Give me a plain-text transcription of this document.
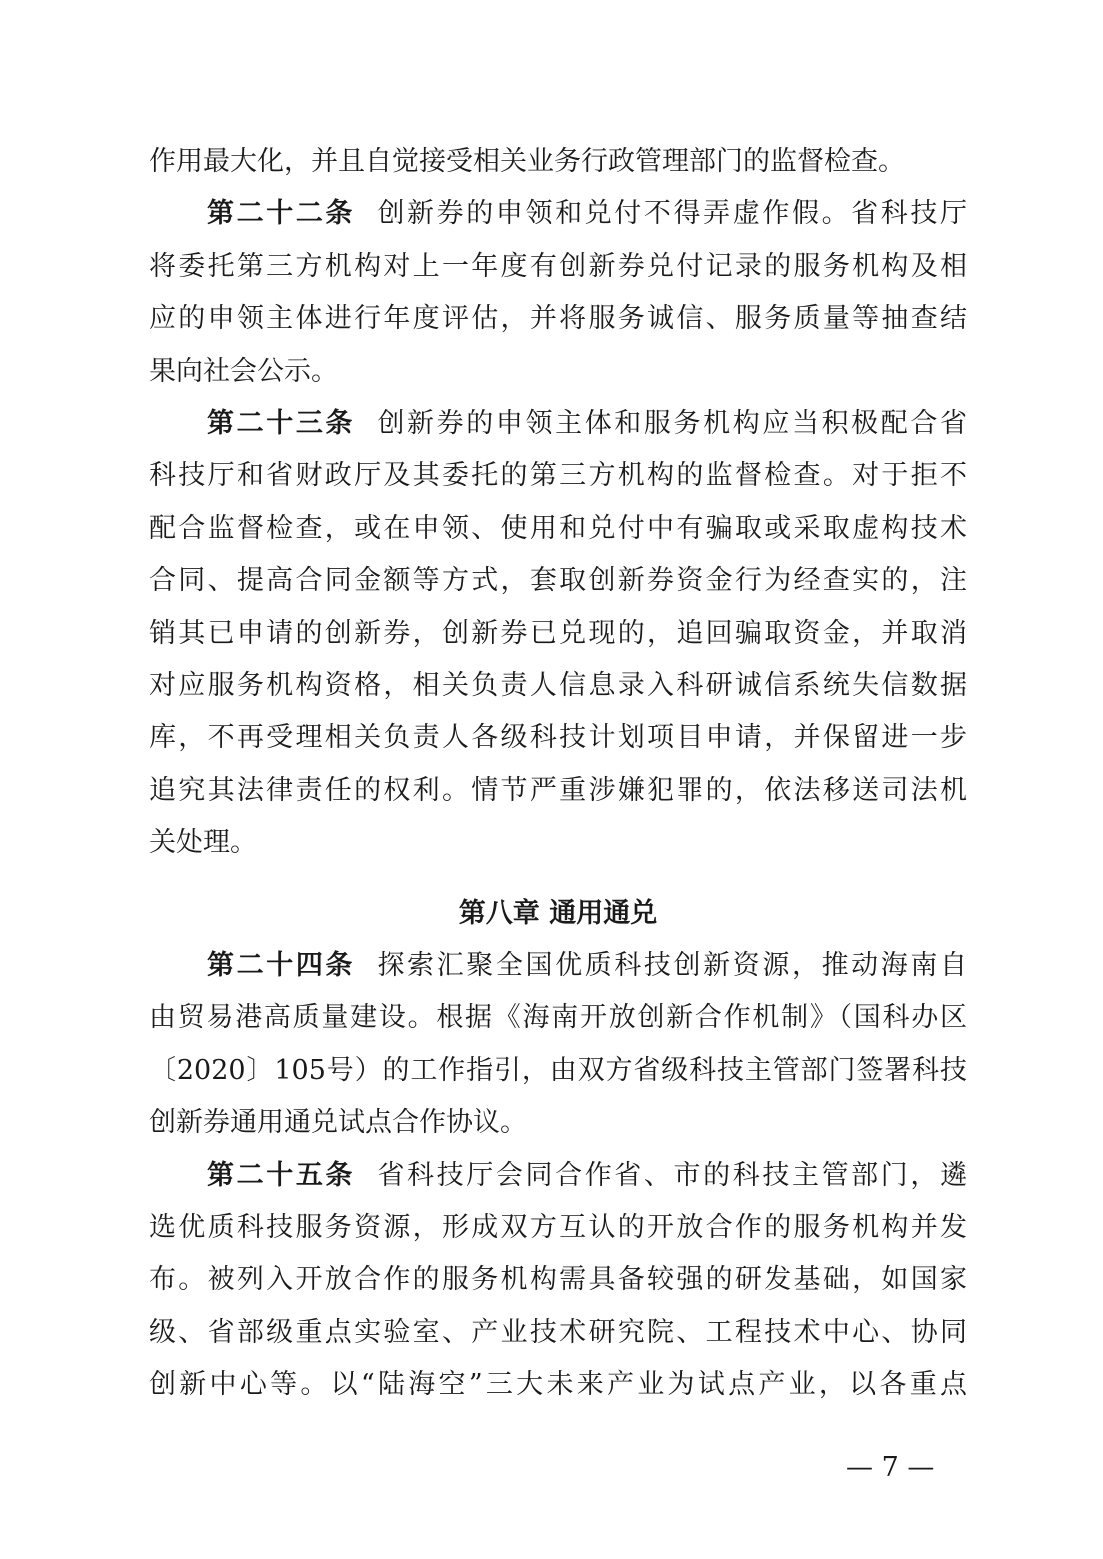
作用最大化，并且自觉接受相关业务行政管理部门的监督检查。
第二十二条 创新券的申领和兑付不得弄虚作假。省科技厅
将委托第三方机构对上一年度有创新券兑付记录的服务机构及相
应的申领主体进行年度评估，并将服务诚信、服务质量等抽查结
果向社会公示。
第二十三条 创新券的申领主体和服务机构应当积极配合省
科技厅和省财政厅及其委托的第三方机构的监督检查。对于拒不
配合监督检查，或在申领、使用和兑付中有骗取或采取虚构技术
合同、提高合同金额等方式，套取创新券资金行为经查实的，注
销其已申请的创新券，创新券已兑现的，追回骗取资金，并取消
对应服务机构资格，相关负责人信息录入科研诚信系统失信数据
库，不再受理相关负责人各级科技计划项目申请，并保留进一步
追究其法律责任的权利。情节严重涉嫌犯罪的，依法移送司法机
关处理。
第八章 通用通兑
第二十四条 探索汇聚全国优质科技创新资源，推动海南自
由贸易港高质量建设。根据《海南开放创新合作机制》（国科办区
〔2020〕105号）的工作指引，由双方省级科技主管部门签署科技
创新券通用通兑试点合作协议。
第二十五条 省科技厅会同合作省、市的科技主管部门，遴
选优质科技服务资源，形成双方互认的开放合作的服务机构并发
布。被列入开放合作的服务机构需具备较强的研发基础，如国家
级、省部级重点实验室、产业技术研究院、工程技术中心、协同
创新中心等。以“陆海空”三大未来产业为试点产业，以各重点
— 7 —
